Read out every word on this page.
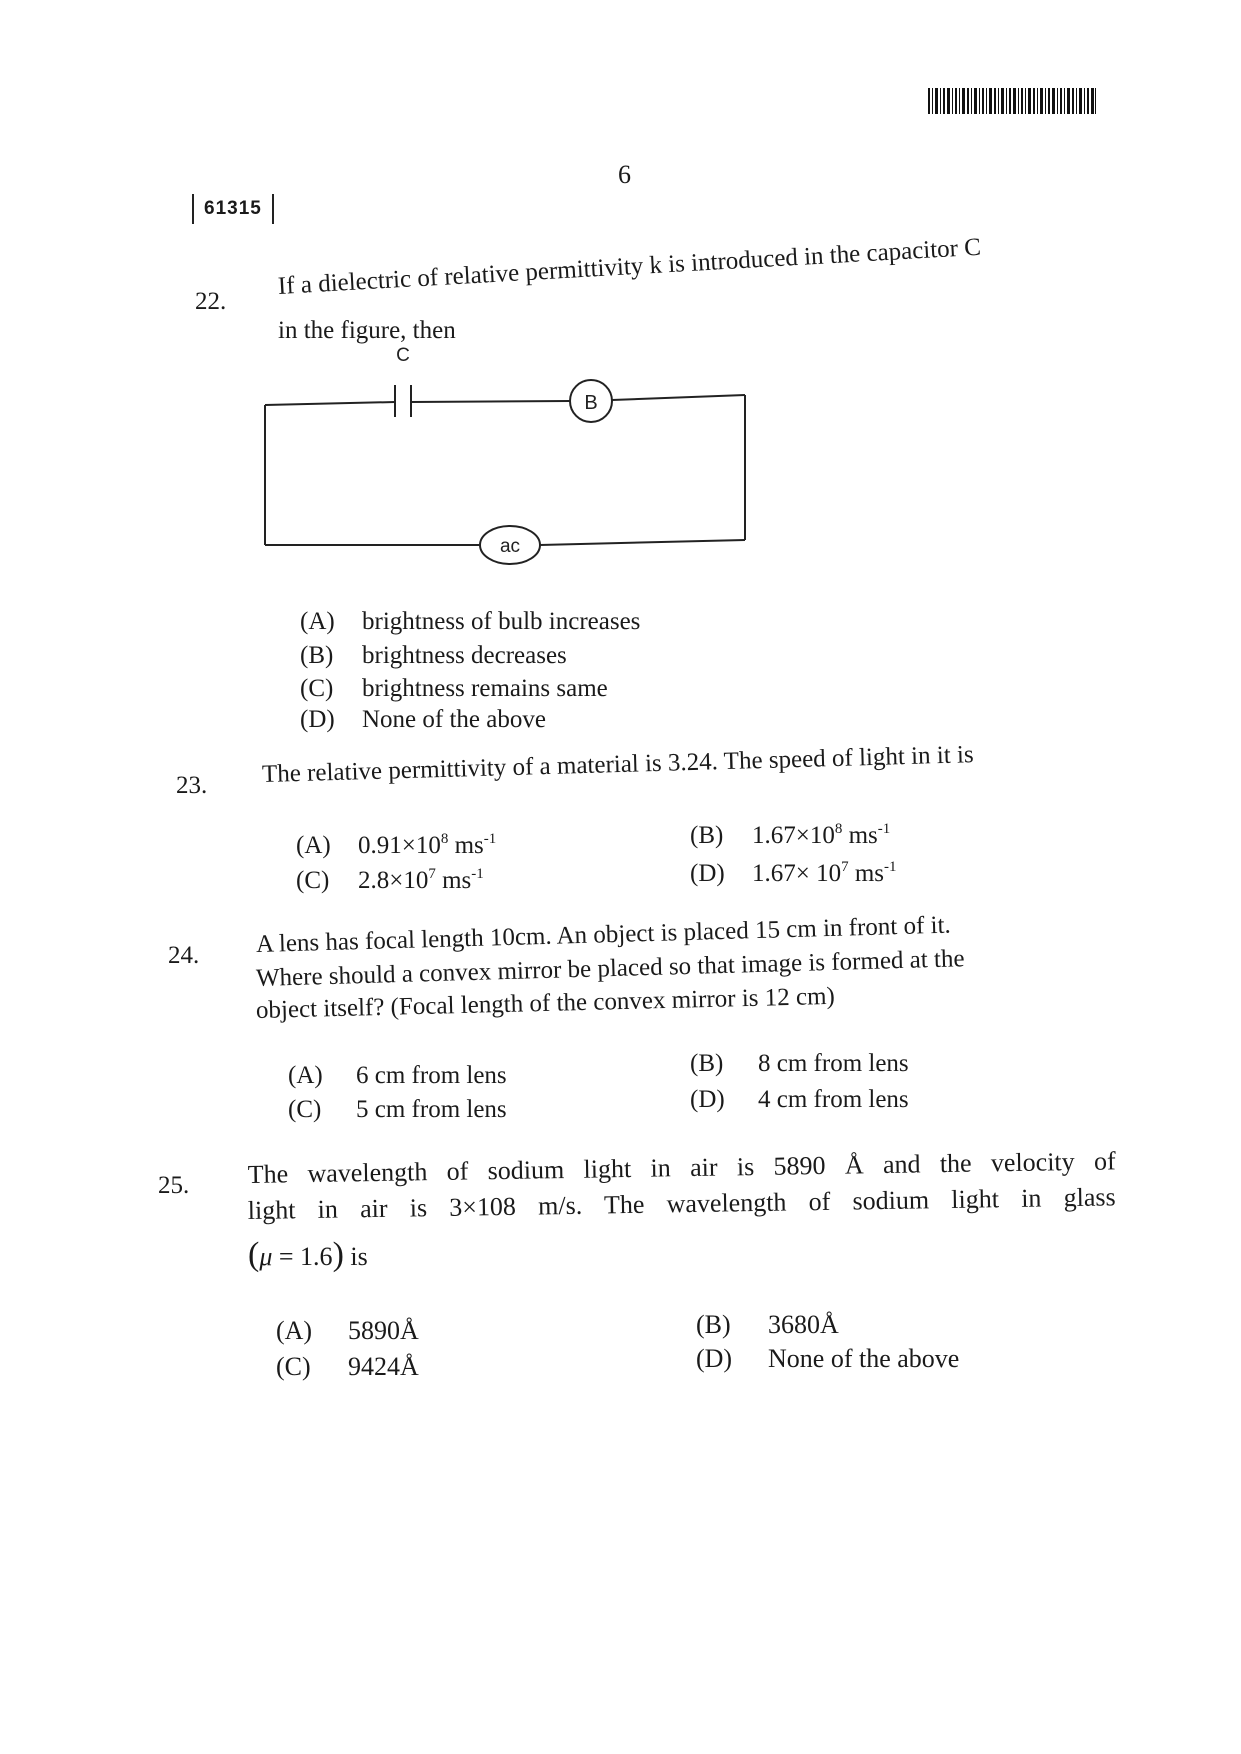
6
61315
22.
If a dielectric of relative permittivity k is introduced in the capacitor C
in the figure, then
B
ac
C
(A) brightness of bulb increases
(B) brightness decreases
(C) brightness remains same
(D) None of the above
23. The relative permittivity of a material is 3.24. The speed of light in it is
(A) $0.91\times 10^8$ $ms^{-1}$	(B) $1.67\times 10^8$ $ms^{-1}$
(C) $2.8\times 10^7$ $ms^{-1}$	(D) $1.67\times 10^7$ $ms^{-1}$
24. A lens has focal length 10cm. An object is placed 15 cm in front of it.
Where should a convex mirror be placed so that image is formed at the
object itself? (Focal length of the convex mirror is 12 cm)
(A) 6 cm from lens	(B) 8 cm from lens
(C) 5 cm from lens	(D) 4 cm from lens
25. The wavelength of sodium light in air is 5890 Å and the velocity of
light in air is 3×108 m/s. The wavelength of sodium light in glass
(μ = 1.6) is
(A) 5890Å	(B) 3680Å
(C) 9424Å	(D) None of the above
